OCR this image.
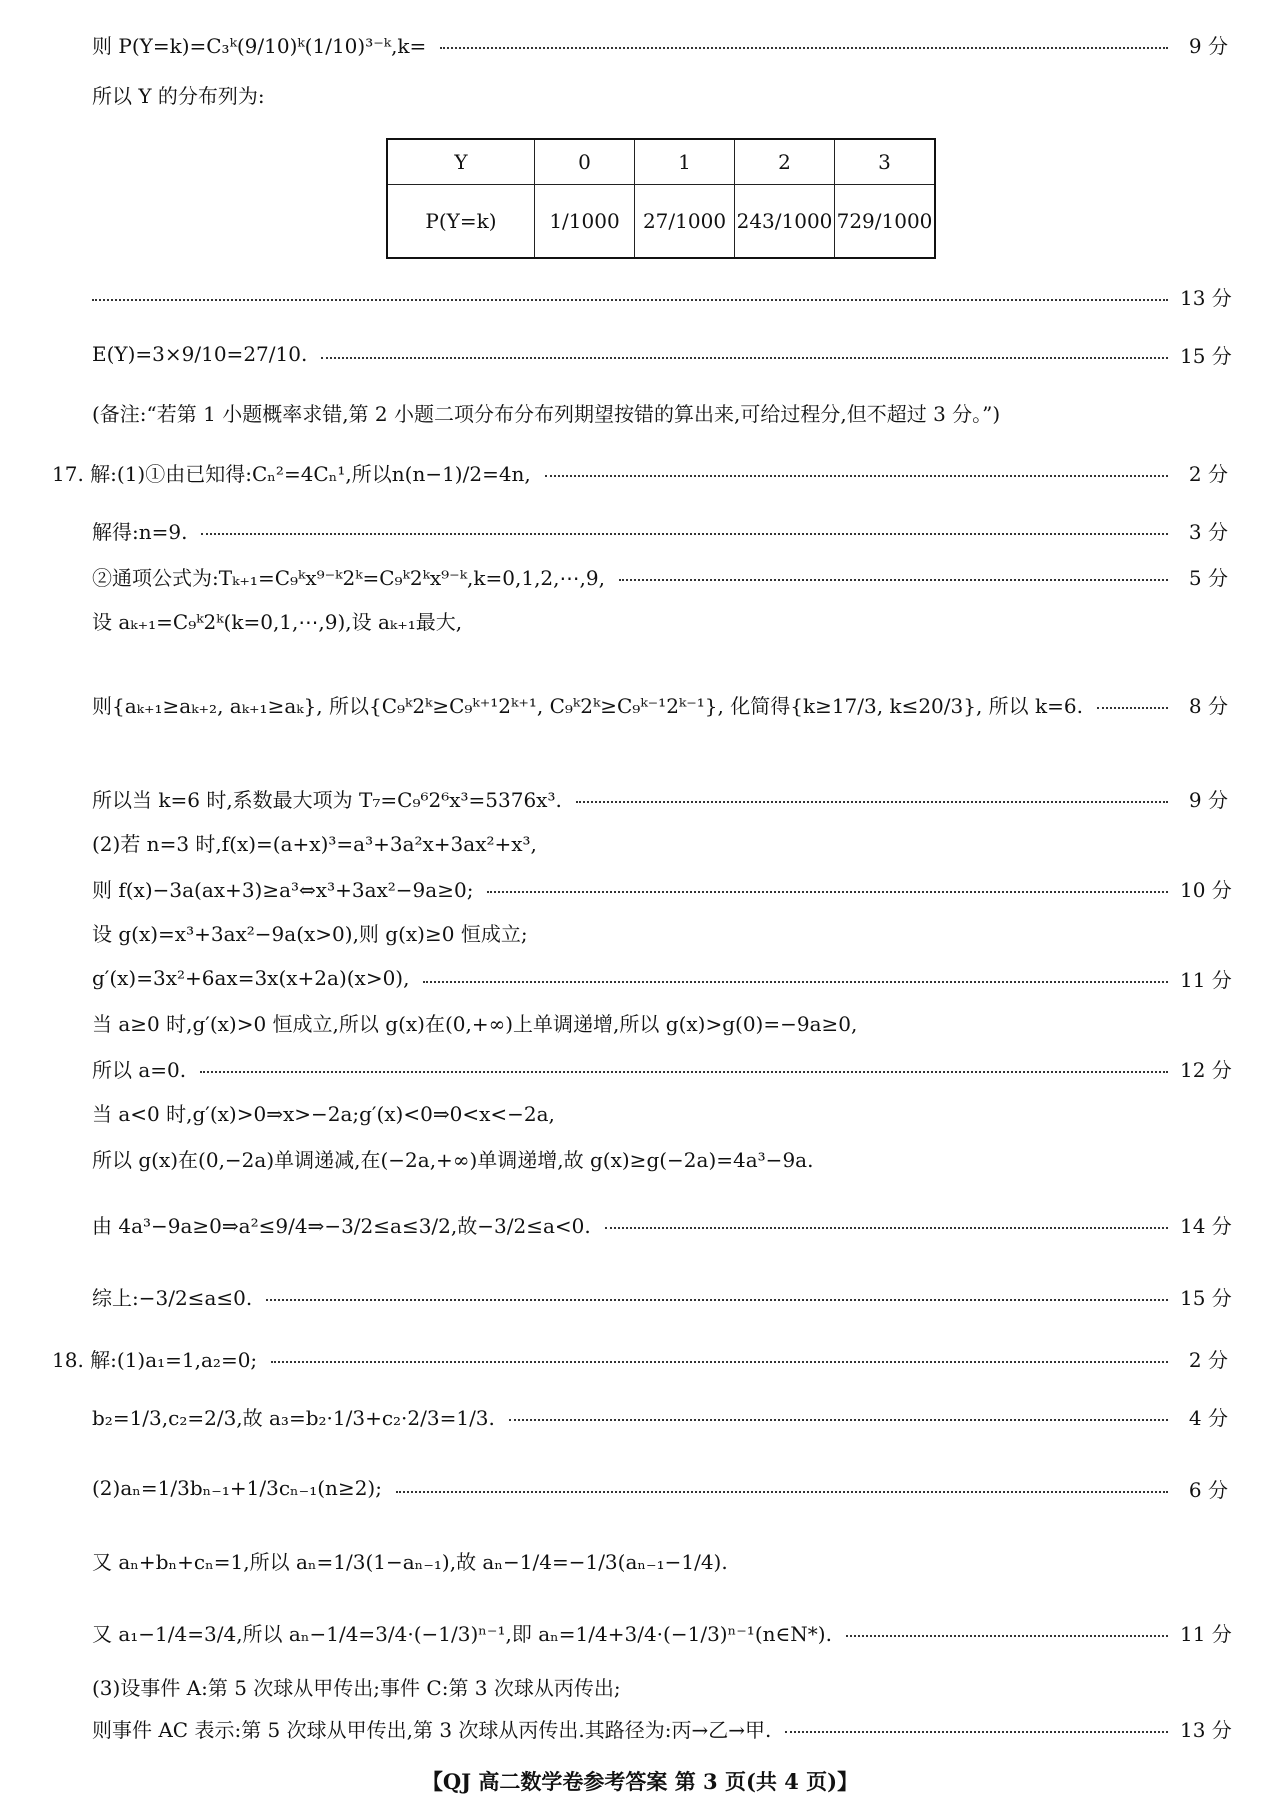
则 P(Y=k)=C₃ᵏ(9/10)ᵏ(1/10)³⁻ᵏ,k=	9 分
所以 Y 的分布列为:
Y	0	1	2	3
P(Y=k)	1/1000	27/1000	243/1000	729/1000
13 分
E(Y)=3×9/10=27/10.	15 分
(备注:“若第 1 小题概率求错,第 2 小题二项分布分布列期望按错的算出来,可给过程分,但不超过 3 分。”)
17. 解:(1)①由已知得:Cₙ²=4Cₙ¹,所以n(n−1)/2=4n,	2 分
解得:n=9.	3 分
②通项公式为:Tₖ₊₁=C₉ᵏx⁹⁻ᵏ2ᵏ=C₉ᵏ2ᵏx⁹⁻ᵏ,k=0,1,2,⋯,9,	5 分
设 aₖ₊₁=C₉ᵏ2ᵏ(k=0,1,⋯,9),设 aₖ₊₁最大,
则{aₖ₊₁≥aₖ₊₂, aₖ₊₁≥aₖ}, 所以{C₉ᵏ2ᵏ≥C₉ᵏ⁺¹2ᵏ⁺¹, C₉ᵏ2ᵏ≥C₉ᵏ⁻¹2ᵏ⁻¹}, 化简得{k≥17/3, k≤20/3}, 所以 k=6.	8 分
所以当 k=6 时,系数最大项为 T₇=C₉⁶2⁶x³=5376x³.	9 分
(2)若 n=3 时,f(x)=(a+x)³=a³+3a²x+3ax²+x³,
则 f(x)−3a(ax+3)≥a³⇔x³+3ax²−9a≥0;	10 分
设 g(x)=x³+3ax²−9a(x>0),则 g(x)≥0 恒成立;
g′(x)=3x²+6ax=3x(x+2a)(x>0),	11 分
当 a≥0 时,g′(x)>0 恒成立,所以 g(x)在(0,+∞)上单调递增,所以 g(x)>g(0)=−9a≥0,
所以 a=0.	12 分
当 a<0 时,g′(x)>0⇒x>−2a;g′(x)<0⇒0<x<−2a,
所以 g(x)在(0,−2a)单调递减,在(−2a,+∞)单调递增,故 g(x)≥g(−2a)=4a³−9a.
由 4a³−9a≥0⇒a²≤9/4⇒−3/2≤a≤3/2,故−3/2≤a<0.	14 分
综上:−3/2≤a≤0.	15 分
18. 解:(1)a₁=1,a₂=0;	2 分
b₂=1/3,c₂=2/3,故 a₃=b₂·1/3+c₂·2/3=1/3.	4 分
(2)aₙ=1/3bₙ₋₁+1/3cₙ₋₁(n≥2);	6 分
又 aₙ+bₙ+cₙ=1,所以 aₙ=1/3(1−aₙ₋₁),故 aₙ−1/4=−1/3(aₙ₋₁−1/4).
又 a₁−1/4=3/4,所以 aₙ−1/4=3/4·(−1/3)ⁿ⁻¹,即 aₙ=1/4+3/4·(−1/3)ⁿ⁻¹(n∈N*).	11 分
(3)设事件 A:第 5 次球从甲传出;事件 C:第 3 次球从丙传出;
则事件 AC 表示:第 5 次球从甲传出,第 3 次球从丙传出.其路径为:丙→乙→甲.	13 分
【QJ 高二数学卷参考答案 第 3 页(共 4 页)】
